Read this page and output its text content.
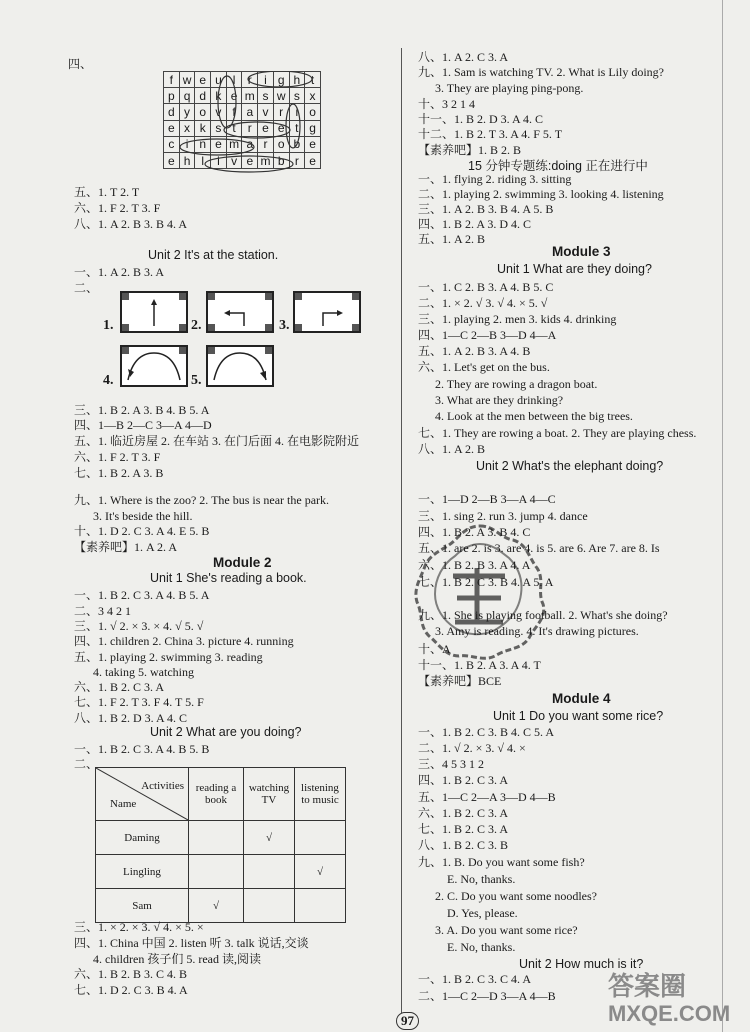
f	w	e	u	l	r	i	g	h	t
p	q	d	k	e	m	s	w	s	x
d	y	o	v	f	a	v	r	i	o
e	x	k	s	t	r	e	e	t	g
c	i	n	e	m	a	r	o	b	e
e	h	l	i	v	e	m	b	r	e
1.	2.	3.
4.	5.
Activities
Name	reading a book	watching TV	listening to music
Daming		√	
Lingling			√
Sam	√		
97
答案圈
MXQE.COM
四、
五、1. T 2. T
六、1. F 2. T 3. F
八、1. A 2. B 3. B 4. A
一、1. A 2. B 3. A
二、
三、1. B 2. A 3. B 4. B 5. A
四、1—B 2—C 3—A 4—D
五、1. 临近房屋 2. 在车站 3. 在门后面 4. 在电影院附近
六、1. F 2. T 3. F
七、1. B 2. A 3. B
九、1. Where is the zoo? 2. The bus is near the park.
3. It's beside the hill.
十、1. D 2. C 3. A 4. E 5. B
【素养吧】1. A 2. A
一、1. B 2. C 3. A 4. B 5. A
二、3 4 2 1
三、1. √ 2. × 3. × 4. √ 5. √
四、1. children 2. China 3. picture 4. running
五、1. playing 2. swimming 3. reading
4. taking 5. watching
六、1. B 2. C 3. A
七、1. F 2. T 3. F 4. T 5. F
八、1. B 2. D 3. A 4. C
一、1. B 2. C 3. A 4. B 5. B
二、
三、1. × 2. × 3. √ 4. × 5. ×
四、1. China 中国 2. listen 听 3. talk 说话,交谈
4. children 孩子们 5. read 读,阅读
六、1. B 2. B 3. C 4. B
七、1. D 2. C 3. B 4. A
Unit 2 It's at the station.
Unit 1 She's reading a book.
Unit 2 What are you doing?
Module 2
八、1. A 2. C 3. A
九、1. Sam is watching TV. 2. What is Lily doing?
3. They are playing ping-pong.
十、3 2 1 4
十一、1. B 2. D 3. A 4. C
十二、1. B 2. T 3. A 4. F 5. T
【素养吧】1. B 2. B
一、1. flying 2. riding 3. sitting
二、1. playing 2. swimming 3. looking 4. listening
三、1. A 2. B 3. B 4. A 5. B
四、1. B 2. A 3. D 4. C
五、1. A 2. B
一、1. C 2. B 3. A 4. B 5. C
二、1. × 2. √ 3. √ 4. × 5. √
三、1. playing 2. men 3. kids 4. drinking
四、1—C 2—B 3—D 4—A
五、1. A 2. B 3. A 4. B
六、1. Let's get on the bus.
2. They are rowing a dragon boat.
3. What are they drinking?
4. Look at the men between the big trees.
七、1. They are rowing a boat. 2. They are playing chess.
八、1. A 2. B
一、1—D 2—B 3—A 4—C
三、1. sing 2. run 3. jump 4. dance
四、1. B 2. A 3. B 4. C
五、1. are 2. is 3. are 4. is 5. are 6. Are 7. are 8. Is
六、1. B 2. B 3. A 4. A
七、1. B 2. C 3. B 4. A 5. A
九、1. She is playing football. 2. What's she doing?
3. Amy is reading. 4. It's drawing pictures.
十、A
十一、1. B 2. A 3. A 4. T
【素养吧】BCE
一、1. B 2. C 3. B 4. C 5. A
二、1. √ 2. × 3. √ 4. ×
三、4 5 3 1 2
四、1. B 2. C 3. A
五、1—C 2—A 3—D 4—B
六、1. B 2. C 3. A
七、1. B 2. C 3. A
八、1. B 2. C 3. B
九、1. B. Do you want some fish?
E. No, thanks.
2. C. Do you want some noodles?
D. Yes, please.
3. A. Do you want some rice?
E. No, thanks.
一、1. B 2. C 3. C 4. A
二、1—C 2—D 3—A 4—B
15 分钟专题练:doing 正在进行中
Unit 1 What are they doing?
Unit 2 What's the elephant doing?
Unit 1 Do you want some rice?
Unit 2 How much is it?
Module 3
Module 4
